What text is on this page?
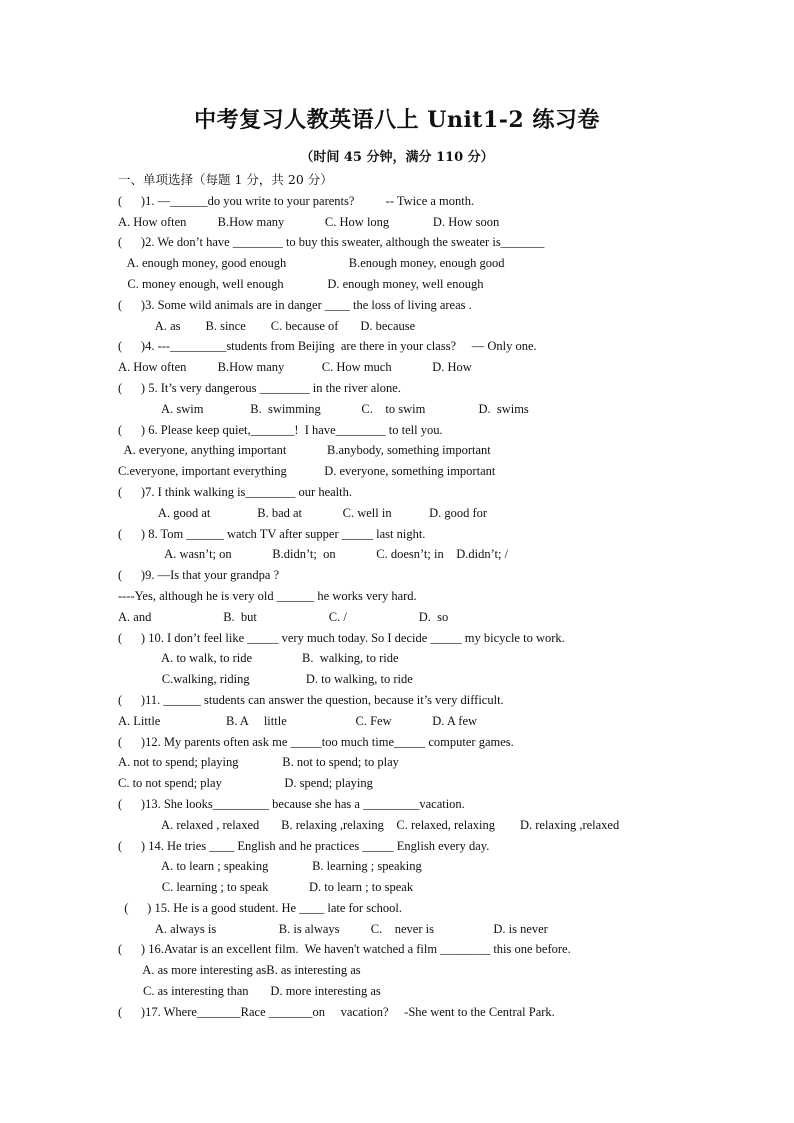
中考复习人教英语八上 Unit1-2 练习卷
（时间 45 分钟，满分 110 分）
一、单项选择（每题 1 分，共 20 分）
(      )1. —______do you write to your parents?          -- Twice a month.
A. How often          B.How many             C. How long              D. How soon
(      )2. We don’t have ________ to buy this sweater, although the sweater is_______
A. enough money, good enough                    B.enough money, enough good
C. money enough, well enough              D. enough money, well enough
(      )3. Some wild animals are in danger ____ the loss of living areas .
A. as        B. since        C. because of       D. because
(      )4. ---_________students from Beijing  are there in your class?     — Only one.
A. How often          B.How many            C. How much             D. How
(      ) 5. It’s very dangerous ________ in the river alone.
A. swim               B.  swimming             C.    to swim                 D.  swims
(      ) 6. Please keep quiet,_______!  I have________ to tell you.
A. everyone, anything important             B.anybody, something important
C.everyone, important everything            D. everyone, something important
(      )7. I think walking is________ our health.
A. good at               B. bad at             C. well in            D. good for
(      ) 8. Tom ______ watch TV after supper _____ last night.
A. wasn’t; on             B.didn’t;  on             C. doesn’t; in    D.didn’t; /
(      )9. —Is that your grandpa ?
----Yes, although he is very old ______ he works very hard.
A. and                       B.  but                       C. /                       D.  so
(      ) 10. I don’t feel like _____ very much today. So I decide _____ my bicycle to work.
A. to walk, to ride                B.  walking, to ride
C.walking, riding                  D. to walking, to ride
(      )11. ______ students can answer the question, because it’s very difficult.
A. Little                     B. A     little                      C. Few             D. A few
(      )12. My parents often ask me _____too much time_____ computer games.
A. not to spend; playing              B. not to spend; to play
C. to not spend; play                    D. spend; playing
(      )13. She looks_________ because she has a _________vacation.
A. relaxed , relaxed       B. relaxing ,relaxing    C. relaxed, relaxing        D. relaxing ,relaxed
(      ) 14. He tries ____ English and he practices _____ English every day.
A. to learn ; speaking              B. learning ; speaking
C. learning ; to speak             D. to learn ; to speak
(      ) 15. He is a good student. He ____ late for school.
A. always is                    B. is always          C.    never is                   D. is never
(      ) 16.Avatar is an excellent film.  We haven't watched a film ________ this one before.
A. as more interesting asB. as interesting as
C. as interesting than       D. more interesting as
(      )17. Where_______Race _______on     vacation?     -She went to the Central Park.
